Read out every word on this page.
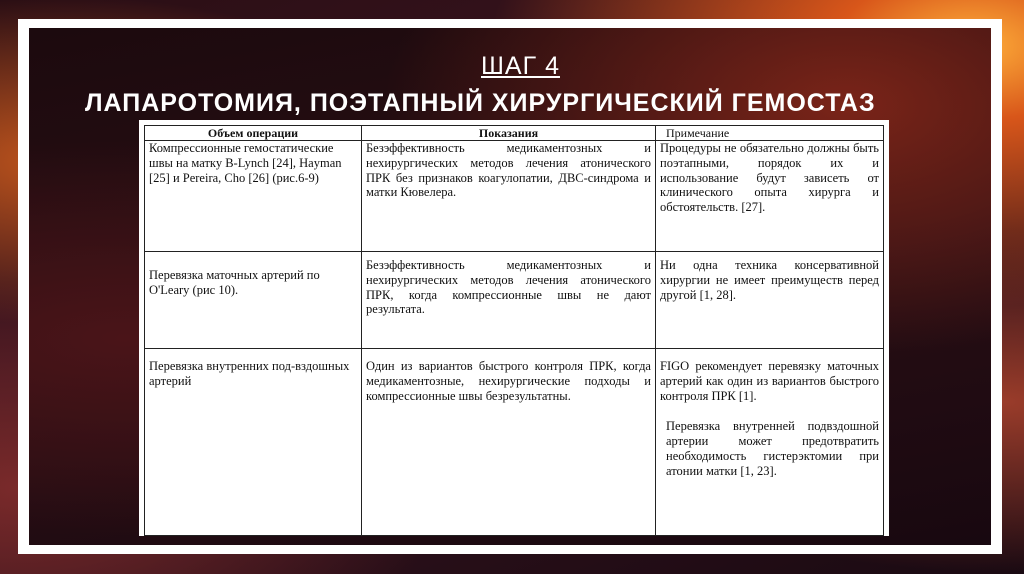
ШАГ 4
ЛАПАРОТОМИЯ, ПОЭТАПНЫЙ ХИРУРГИЧЕСКИЙ ГЕМОСТАЗ
Объем операции	Показания	Примечание
Компрессионные гемостатические швы на матку B-Lynch [24], Hayman [25] и Pereira, Cho [26] (рис.6-9)	Безэффективность медикаментозных и нехирургических методов лечения атонического ПРК без признаков коагулопатии, ДВС-синдрома и матки Кювелера.	Процедуры не обязательно должны быть поэтапными, порядок их и использование будут зависеть от клинического опыта хирурга и обстоятельств. [27].

Перевязка маточных артерий по O'Leary (рис 10).	Безэффективность медикаментозных и нехирургических методов лечения атонического ПРК, когда компрессионные швы не дают результата.	Ни одна техника консервативной хирургии не имеет преимуществ перед другой [1, 28].

Перевязка внутренних под-вздошных артерий	Один из вариантов быстрого контроля ПРК, когда медикаментозные, нехирургические подходы и компрессионные швы безрезультатны.	FIGO рекомендует перевязку маточных артерий как один из вариантов быстрого контроля ПРК [1].
Перевязка внутренней подвздошной артерии может предотвратить необходимость гистерэктомии при атонии матки [1, 23].
